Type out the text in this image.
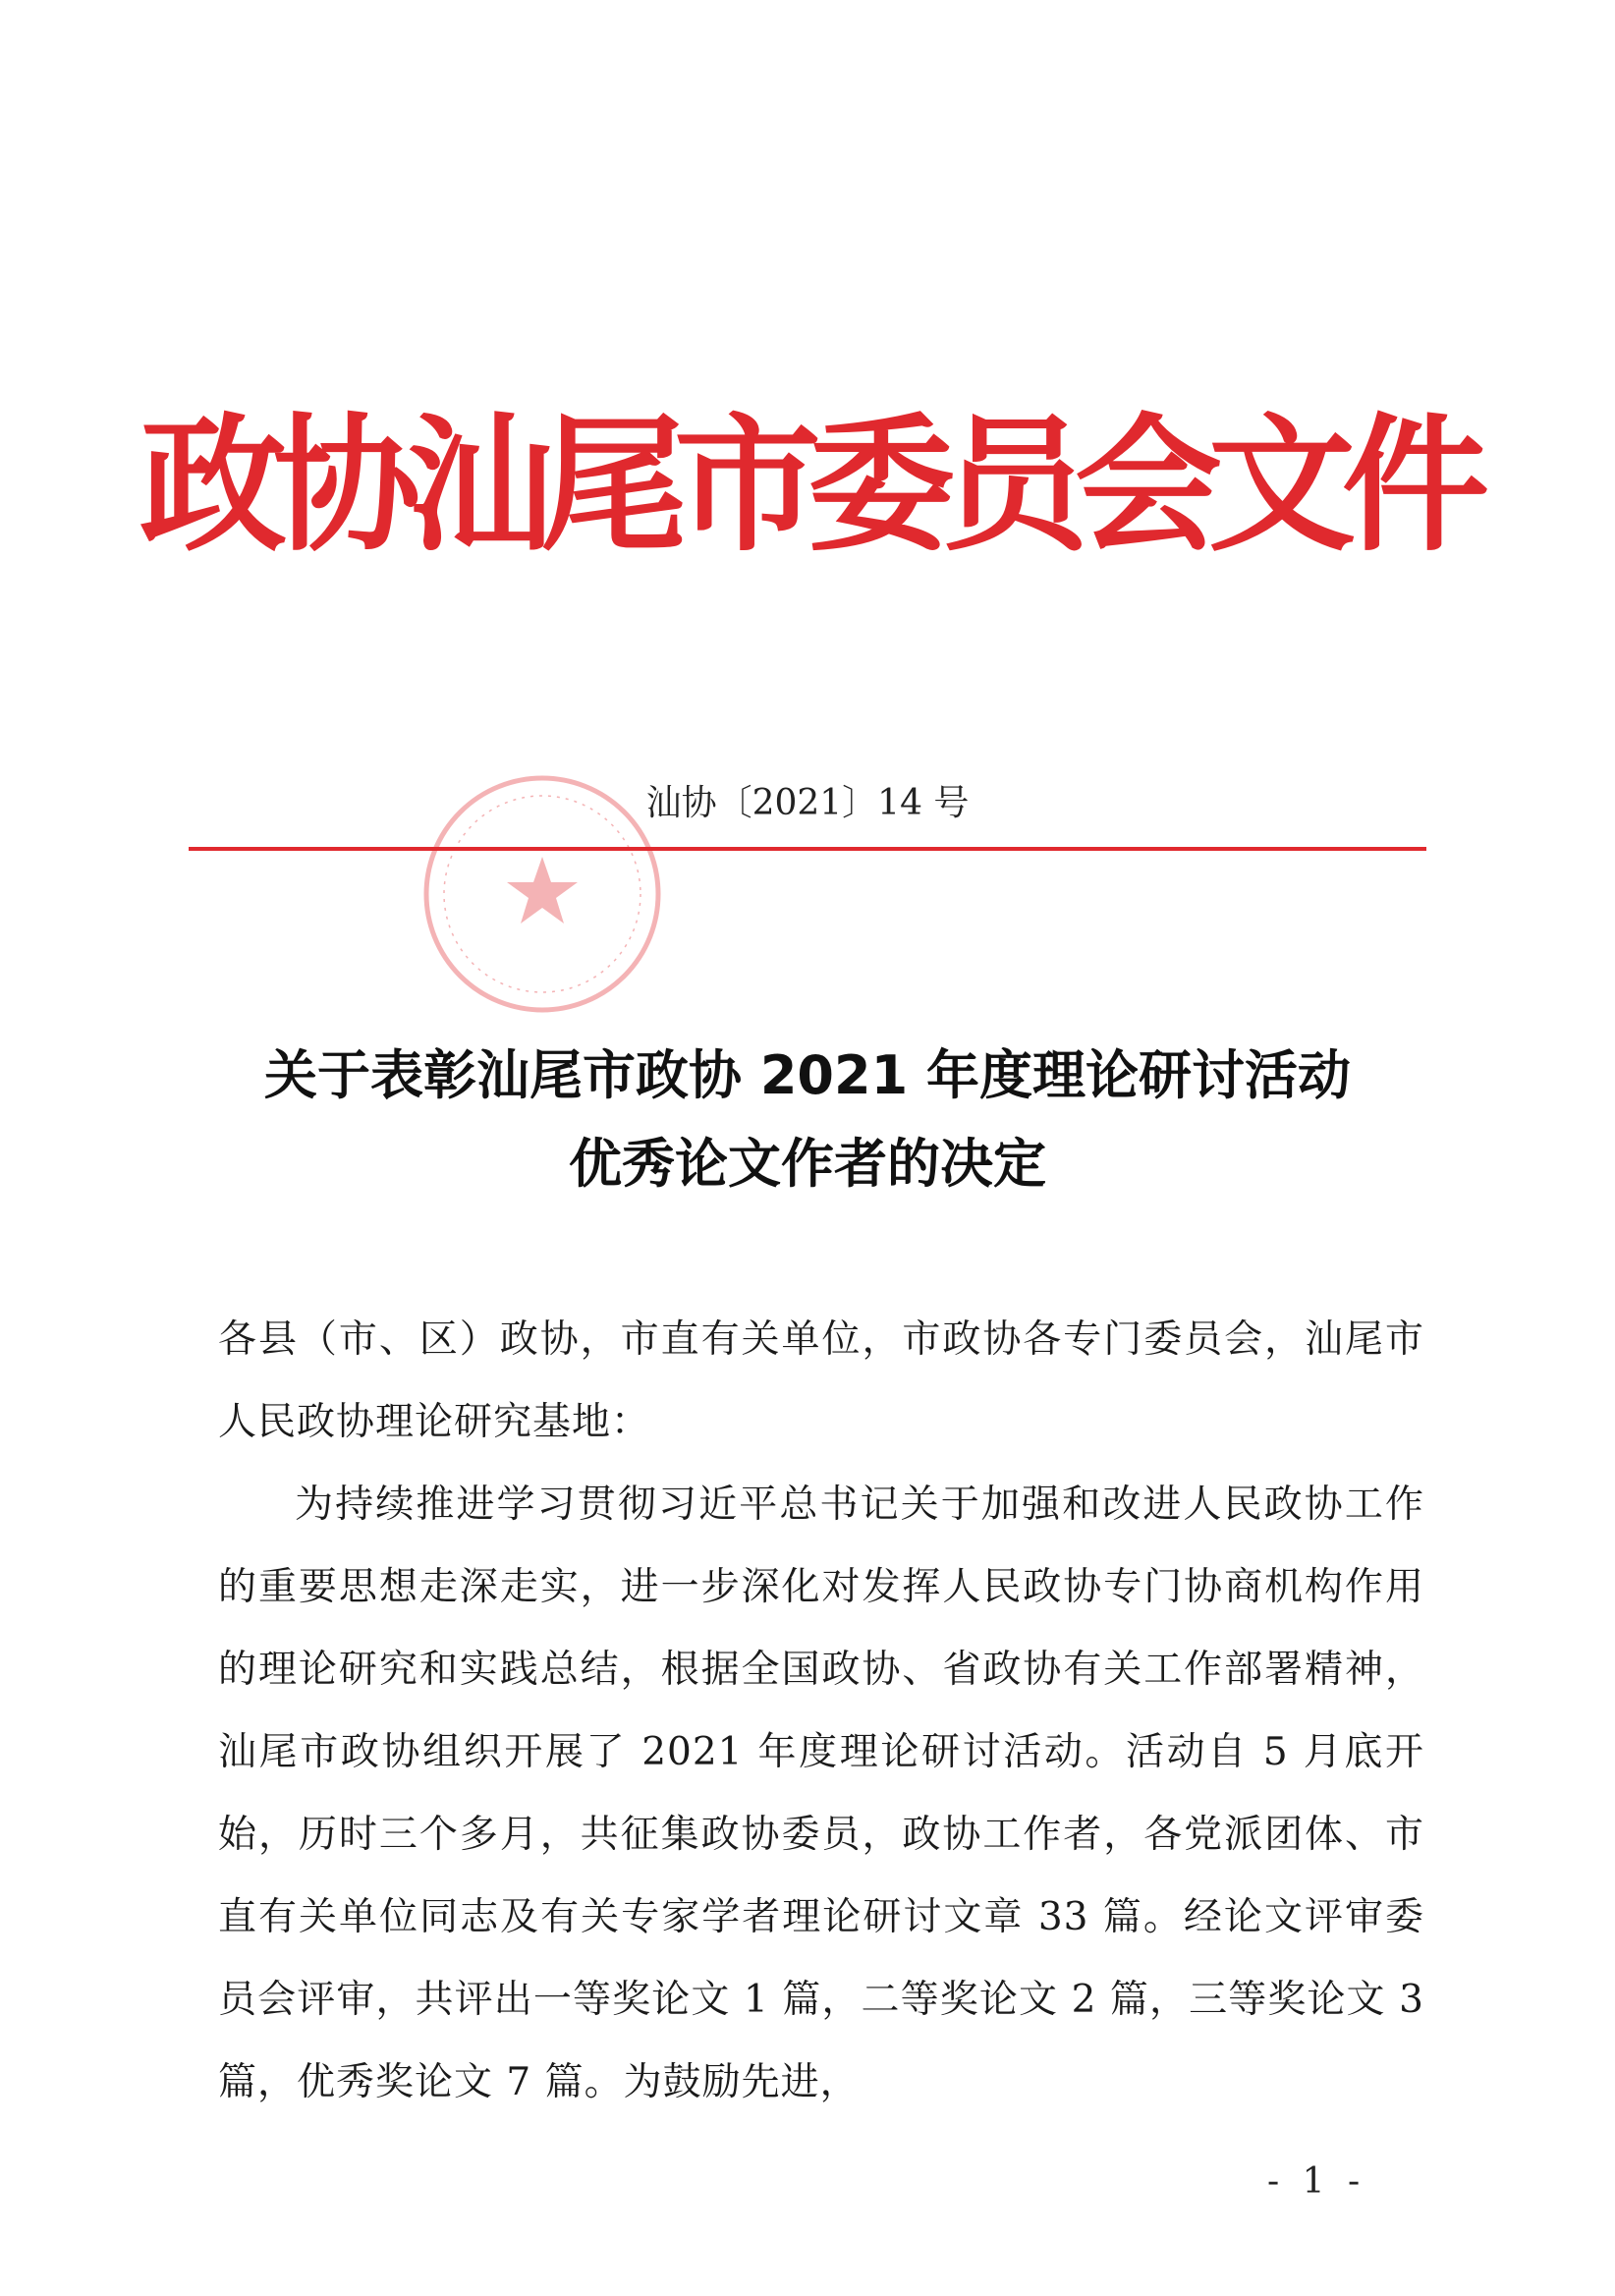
政协汕尾市委员会文件
汕协〔2021〕14 号
关于表彰汕尾市政协 2021 年度理论研讨活动
优秀论文作者的决定

各县（市、区）政协，市直有关单位，市政协各专门委员会，汕尾市人民政协理论研究基地：

为持续推进学习贯彻习近平总书记关于加强和改进人民政协工作的重要思想走深走实，进一步深化对发挥人民政协专门协商机构作用的理论研究和实践总结，根据全国政协、省政协有关工作部署精神，汕尾市政协组织开展了 2021 年度理论研讨活动。活动自 5 月底开始，历时三个多月，共征集政协委员，政协工作者，各党派团体、市直有关单位同志及有关专家学者理论研讨文章 33 篇。经论文评审委员会评审，共评出一等奖论文 1 篇，二等奖论文 2 篇，三等奖论文 3 篇，优秀奖论文 7 篇。为鼓励先进，

- 1 -
